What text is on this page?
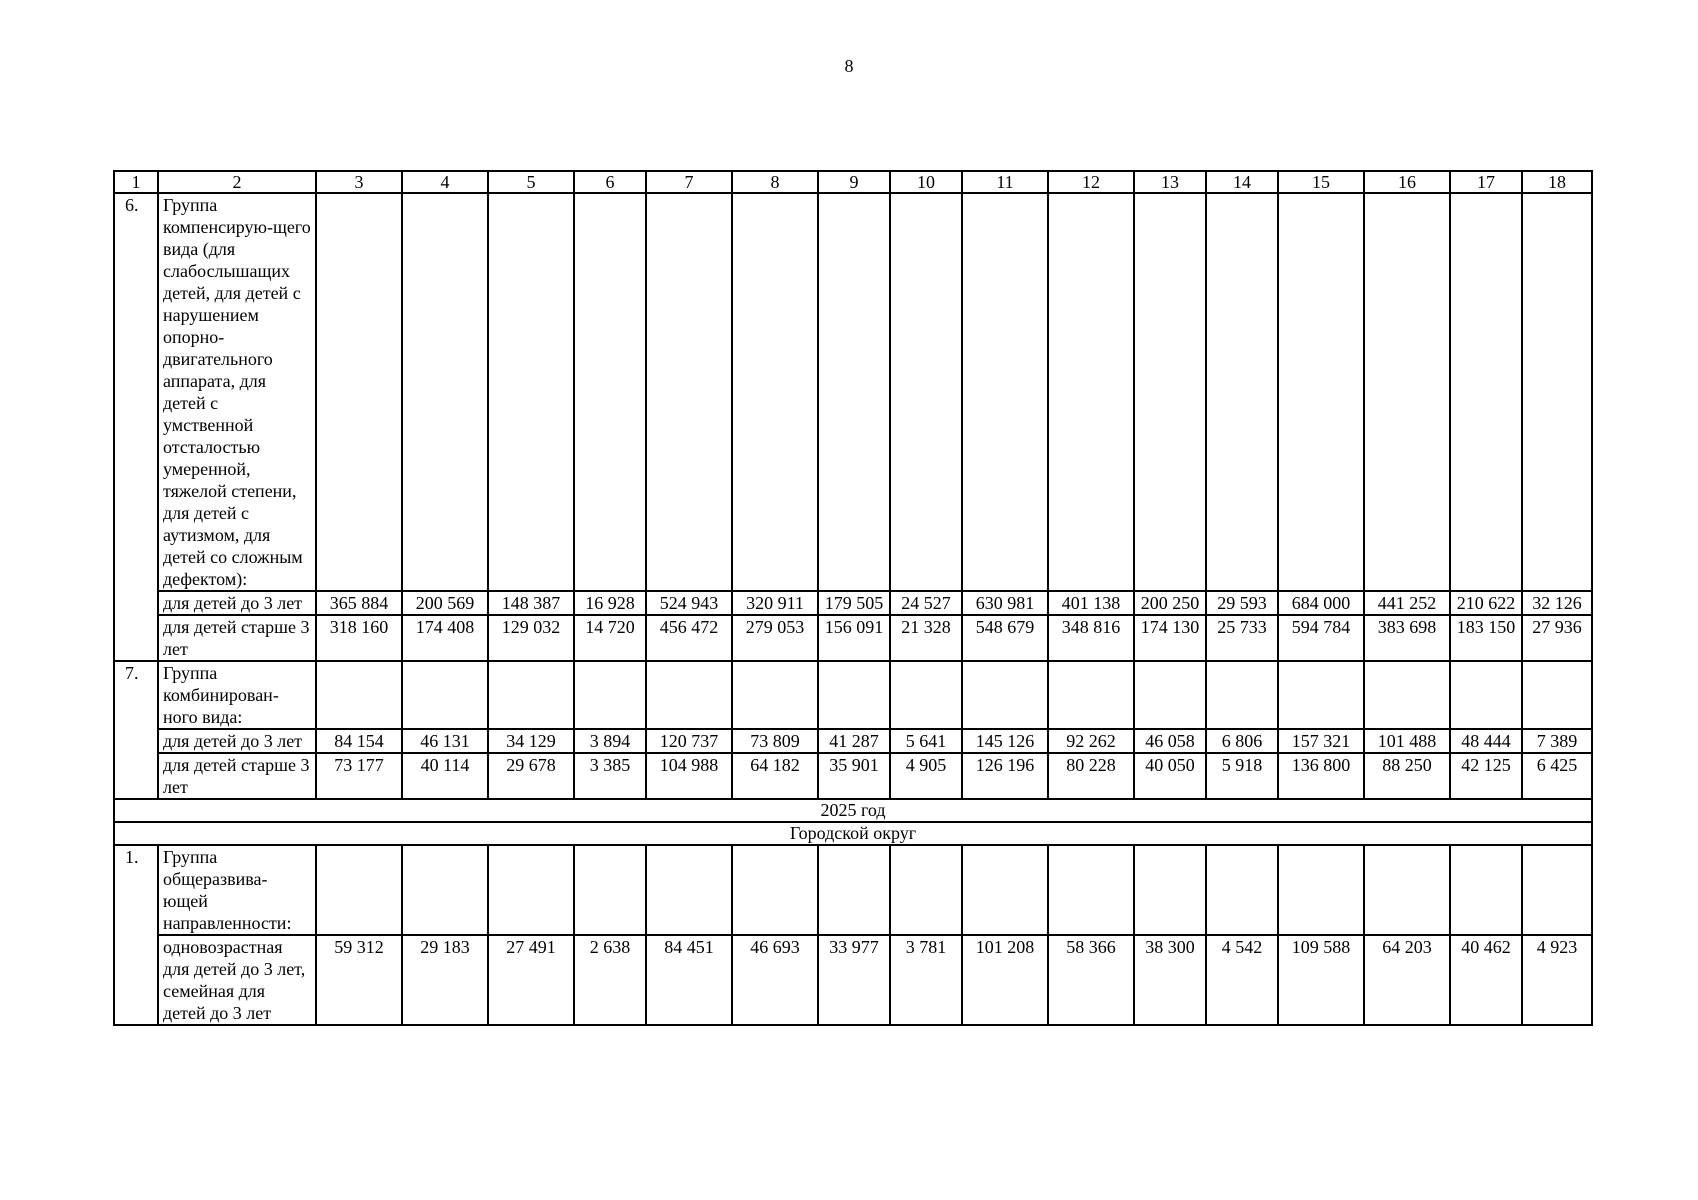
8
1	2	3	4	5	6	7	8	9	10	11	12	13	14	15	16	17	18
6.	Группа компенсирую-щего вида (для слабослышащих детей, для детей с нарушением опорно-двигательного аппарата, для детей с умственной отсталостью умеренной, тяжелой степени, для детей с аутизмом, для детей со сложным дефектом):																
	для детей до 3 лет	365 884	200 569	148 387	16 928	524 943	320 911	179 505	24 527	630 981	401 138	200 250	29 593	684 000	441 252	210 622	32 126
	для детей старше 3 лет	318 160	174 408	129 032	14 720	456 472	279 053	156 091	21 328	548 679	348 816	174 130	25 733	594 784	383 698	183 150	27 936
7.	Группа комбинирован-ного вида:																
	для детей до 3 лет	84 154	46 131	34 129	3 894	120 737	73 809	41 287	5 641	145 126	92 262	46 058	6 806	157 321	101 488	48 444	7 389
	для детей старше 3 лет	73 177	40 114	29 678	3 385	104 988	64 182	35 901	4 905	126 196	80 228	40 050	5 918	136 800	88 250	42 125	6 425
2025 год																	
Городской округ																	
1.	Группа общеразвива-ющей направленности:																
	одновозрастная для детей до 3 лет, семейная для детей до 3 лет	59 312	29 183	27 491	2 638	84 451	46 693	33 977	3 781	101 208	58 366	38 300	4 542	109 588	64 203	40 462	4 923
